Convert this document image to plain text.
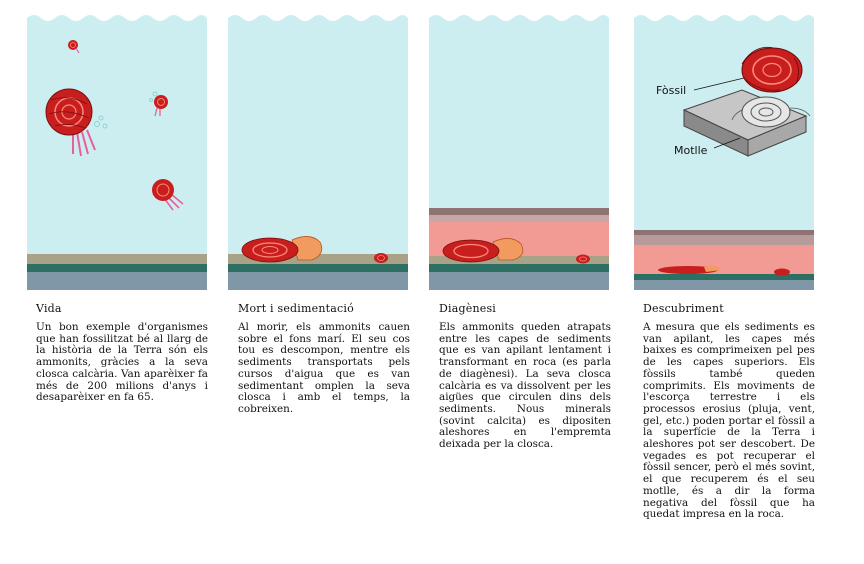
Fòssil
Motlle

Vida

Un bon exemple d'organismes que han fossilitzat bé al llarg de la història de la Terra són els ammonits, gràcies a la seva closca calcària. Van aparèixer fa més de 200 milions d'anys i desaparèixer en fa 65.

Mort i sedimentació

Al morir, els ammonits cauen sobre el fons marí. El seu cos tou es descompon, mentre els sediments transportats pels cursos d'aigua que es van sedimentant omplen la seva closca i amb el temps, la cobreixen.

Diagènesi

Els ammonits queden atrapats entre les capes de sediments que es van apilant lentament i transformant en roca (es parla de diagènesi). La seva closca calcària es va dissolvent per les aigües que circulen dins dels sediments. Nous minerals (sovint calcita) es dipositen aleshores en l'empremta deixada per la closca.

Descubriment

A mesura que els sediments es van apilant, les capes més baixes es comprimeixen pel pes de les capes superiors. Els fòssils també queden comprimits. Els moviments de l'escorça terrestre i els processos erosius (pluja, vent, gel, etc.) poden portar el fòssil a la superfície de la Terra i aleshores pot ser descobert. De vegades es pot recuperar el fòssil sencer, però el més sovint, el que recuperem és el seu motlle, és a dir la forma negativa del fòssil que ha quedat impresa en la roca.
